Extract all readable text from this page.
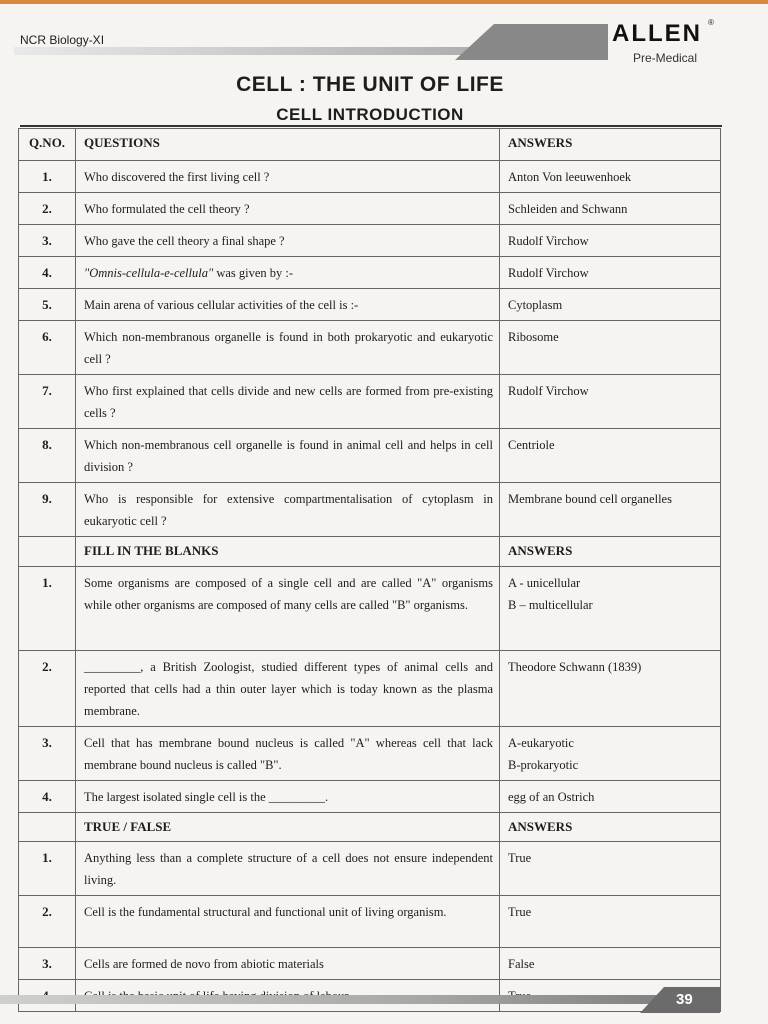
NCR Biology-XI	ALLEN ®
Pre-Medical
CELL : THE UNIT OF LIFE
CELL INTRODUCTION
Q.NO.	QUESTIONS	ANSWERS
1.	Who discovered the first living cell ?	Anton Von leeuwenhoek
2.	Who formulated the cell theory ?	Schleiden and Schwann
3.	Who gave the cell theory a final shape ?	Rudolf Virchow
4.	"Omnis-cellula-e-cellula" was given by :-	Rudolf Virchow
5.	Main arena of various cellular activities of the cell is :-	Cytoplasm
6.	Which non-membranous organelle is found in both prokaryotic and eukaryotic cell ?	Ribosome
7.	Who first explained that cells divide and new cells are formed from pre-existing cells ?	Rudolf Virchow
8.	Which non-membranous cell organelle is found in animal cell and helps in cell division ?	Centriole
9.	Who is responsible for extensive compartmentalisation of cytoplasm in eukaryotic cell ?	Membrane bound cell organelles
	FILL IN THE BLANKS	ANSWERS
1.	Some organisms are composed of a single cell and are called "A" organisms while other organisms are composed of many cells are called "B" organisms.	A - unicellular
B – multicellular

2.	_________, a British Zoologist, studied different types of animal cells and reported that cells had a thin outer layer which is today known as the plasma membrane.	Theodore Schwann (1839)

3.	Cell that has membrane bound nucleus is called "A" whereas cell that lack membrane bound nucleus is called "B".	A-eukaryotic
B-prokaryotic

4.	The largest isolated single cell is the _________.	egg of an Ostrich
	TRUE / FALSE	ANSWERS
1.	Anything less than a complete structure of a cell does not ensure independent living.	True
2.	Cell is the fundamental structural and functional unit of living organism.	True
3.	Cells are formed de novo from abiotic materials	False

39
